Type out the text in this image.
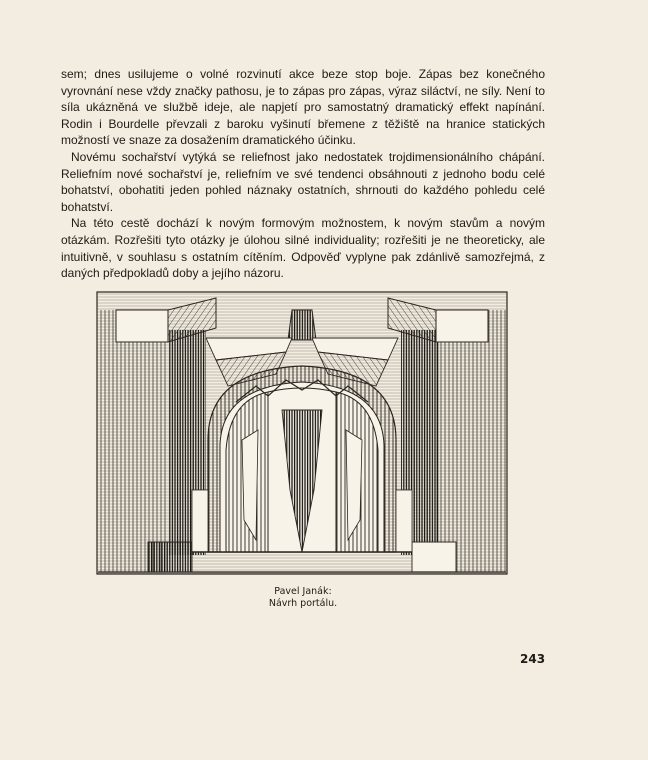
sem; dnes usilujeme o volné rozvinutí akce beze stop boje. Zápas bez konečného vyrovnání nese vždy značky pathosu, je to zápas pro zápas, výraz siláctví, ne síly. Není to síla ukázněná ve službě ideje, ale napjetí pro samostatný dramatický effekt napínání. Rodin i Bourdelle převzali z baroku vyšinutí břemene z těžiště na hranice statických možností ve snaze za dosažením dramatického účinku.

Novému sochařství vytýká se reliefnost jako nedostatek trojdimensionálního chápání. Reliefním nové sochařství je, reliefním ve své tendenci obsáhnouti z jednoho bodu celé bohatství, obohatiti jeden pohled náznaky ostatních, shrnouti do každého pohledu celé bohatství.

Na této cestě dochází k novým formovým možnostem, k novým stavům a novým otázkám. Rozřešiti tyto otázky je úlohou silné individuality; rozřešiti je ne theoreticky, ale intuitivně, v souhlasu s ostatním cítěním. Odpověď vyplyne pak zdánlivě samozřejmá, z daných předpokladů doby a jejího názoru.

Pavel Janák:
Návrh portálu.
243
